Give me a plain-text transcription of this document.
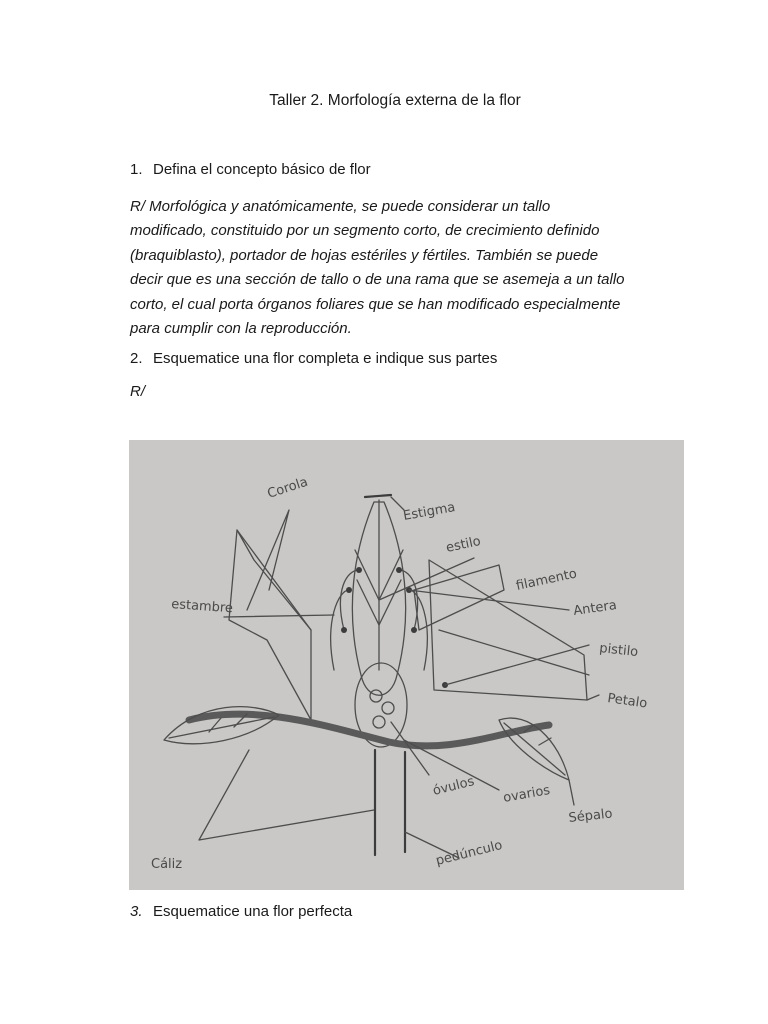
Taller 2. Morfología externa de la flor
1. Defina el concepto básico de flor
R/ Morfológica y anatómicamente, se puede considerar un tallo
modificado, constituido por un segmento corto, de crecimiento definido
(braquiblasto), portador de hojas estériles y fértiles. También se puede
decir que es una sección de tallo o de una rama que se asemeja a un tallo
corto, el cual porta órganos foliares que se han modificado especialmente
para cumplir con la reproducción.
2. Esquematice una flor completa e indique sus partes
R/
Corola
Estigma
estilo
filamento
Antera
estambre
pistilo
Petalo
óvulos ovarios
Sépalo
pedúnculo
Cáliz
3. Esquematice una flor perfecta
